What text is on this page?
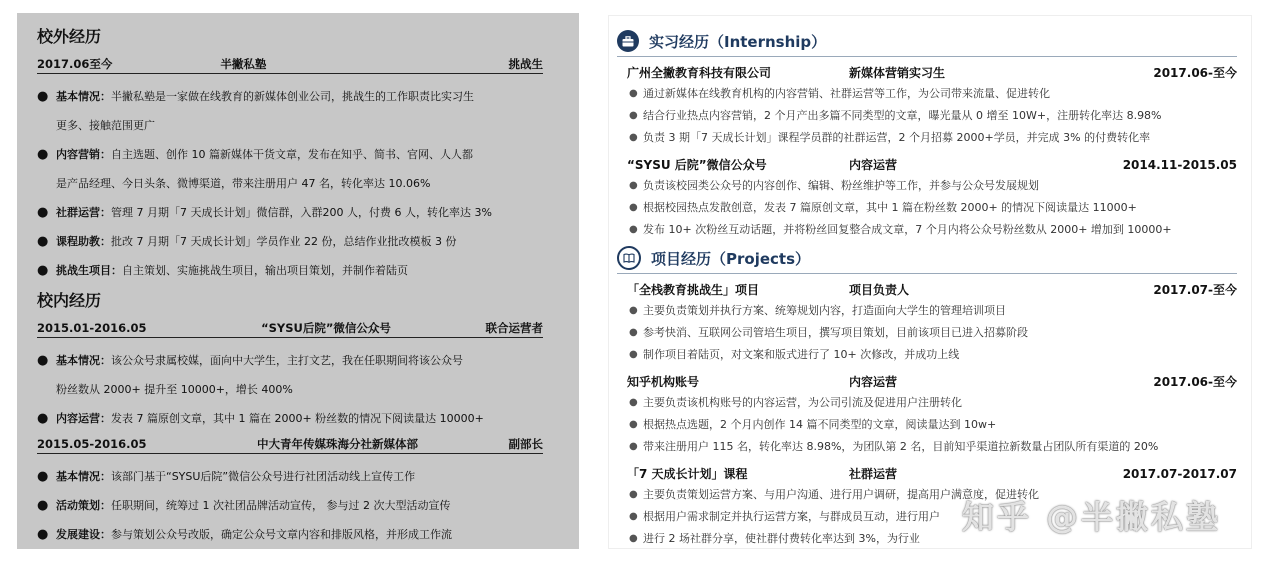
校外经历
2017.06至今	半撇私塾	挑战生
● 基本情况：半撇私塾是一家做在线教育的新媒体创业公司，挑战生的工作职责比实习生
更多、接触范围更广
● 内容营销：自主选题、创作 10 篇新媒体干货文章，发布在知乎、简书、官网、人人都
是产品经理、今日头条、微博渠道，带来注册用户 47 名，转化率达 10.06%
● 社群运营：管理 7 月期「7 天成长计划」微信群，入群200 人，付费 6 人，转化率达 3%
● 课程助教：批改 7 月期「7 天成长计划」学员作业 22 份，总结作业批改模板 3 份
● 挑战生项目：自主策划、实施挑战生项目，输出项目策划，并制作着陆页
校内经历
2015.01-2016.05	“SYSU后院”微信公众号	联合运营者
● 基本情况：该公众号隶属校媒，面向中大学生，主打文艺，我在任职期间将该公众号
粉丝数从 2000+ 提升至 10000+，增长 400%
● 内容运营：发表 7 篇原创文章，其中 1 篇在 2000+ 粉丝数的情况下阅读量达 10000+
2015.05-2016.05	中大青年传媒珠海分社新媒体部	副部长
● 基本情况：该部门基于“SYSU后院”微信公众号进行社团活动线上宣传工作
● 活动策划：任职期间，统筹过 1 次社团品牌活动宣传， 参与过 2 次大型活动宣传
● 发展建设：参与策划公众号改版，确定公众号文章内容和排版风格，并形成工作流
实习经历（Internship）
广州全撇教育科技有限公司	新媒体营销实习生	2017.06-至今
● 通过新媒体在线教育机构的内容营销、社群运营等工作，为公司带来流量、促进转化
● 结合行业热点内容营销，2 个月产出多篇不同类型的文章，曝光量从 0 增至 10W+，注册转化率达 8.98%
● 负责 3 期「7 天成长计划」课程学员群的社群运营，2 个月招募 2000+学员，并完成 3% 的付费转化率
“SYSU 后院”微信公众号	内容运营	2014.11-2015.05
● 负责该校园类公众号的内容创作、编辑、粉丝维护等工作，并参与公众号发展规划
● 根据校园热点发散创意，发表 7 篇原创文章，其中 1 篇在粉丝数 2000+ 的情况下阅读量达 11000+
● 发布 10+ 次粉丝互动话题，并将粉丝回复整合成文章，7 个月内将公众号粉丝数从 2000+ 增加到 10000+
项目经历（Projects）
「全栈教育挑战生」项目	项目负责人	2017.07-至今
● 主要负责策划并执行方案、统筹规划内容，打造面向大学生的管理培训项目
● 参考快消、互联网公司管培生项目，撰写项目策划，目前该项目已进入招募阶段
● 制作项目着陆页，对文案和版式进行了 10+ 次修改，并成功上线
知乎机构账号	内容运营	2017.06-至今
● 主要负责该机构账号的内容运营，为公司引流及促进用户注册转化
● 根据热点选题，2 个月内创作 14 篇不同类型的文章，阅读量达到 10w+
● 带来注册用户 115 名，转化率达 8.98%，为团队第 2 名，目前知乎渠道拉新数量占团队所有渠道的 20%
「7 天成长计划」课程	社群运营	2017.07-2017.07
● 主要负责策划运营方案、与用户沟通、进行用户调研，提高用户满意度，促进转化
● 根据用户需求制定并执行运营方案，与群成员互动，进行用户
● 进行 2 场社群分享，使社群付费转化率达到 3%，为行业
知乎 @半撇私塾
